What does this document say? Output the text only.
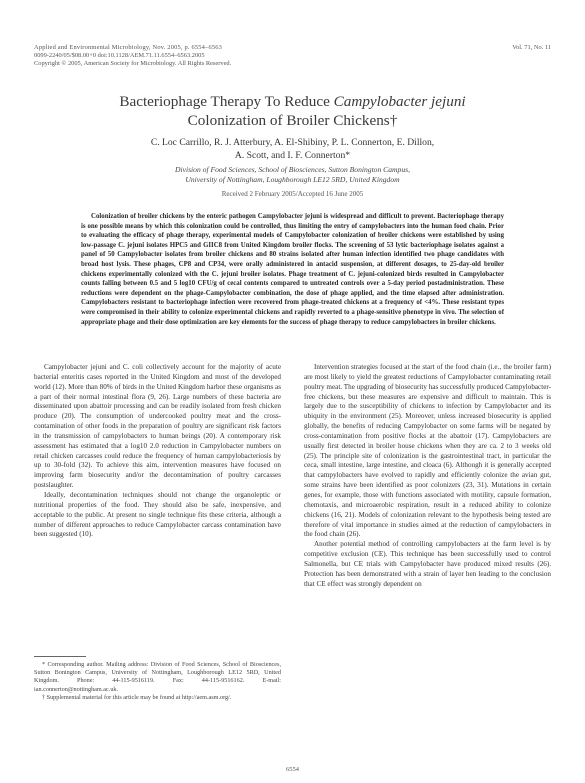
Applied and Environmental Microbiology, Nov. 2005, p. 6554–6563
0099-2240/05/$08.00+0 doi:10.1128/AEM.71.11.6554–6563.2005
Copyright © 2005, American Society for Microbiology. All Rights Reserved.
Vol. 71, No. 11
Bacteriophage Therapy To Reduce Campylobacter jejuni
Colonization of Broiler Chickens†
C. Loc Carrillo, R. J. Atterbury, A. El-Shibiny, P. L. Connerton, E. Dillon,
A. Scott, and I. F. Connerton*
Division of Food Sciences, School of Biosciences, Sutton Bonington Campus,
University of Nottingham, Loughborough LE12 5RD, United Kingdom
Received 2 February 2005/Accepted 16 June 2005
Colonization of broiler chickens by the enteric pathogen Campylobacter jejuni is widespread and difficult to prevent. Bacteriophage therapy is one possible means by which this colonization could be controlled, thus limiting the entry of campylobacters into the human food chain. Prior to evaluating the efficacy of phage therapy, experimental models of Campylobacter colonization of broiler chickens were established by using low-passage C. jejuni isolates HPC5 and GIIC8 from United Kingdom broiler flocks. The screening of 53 lytic bacteriophage isolates against a panel of 50 Campylobacter isolates from broiler chickens and 80 strains isolated after human infection identified two phage candidates with broad host lysis. These phages, CP8 and CP34, were orally administered in antacid suspension, at different dosages, to 25-day-old broiler chickens experimentally colonized with the C. jejuni broiler isolates. Phage treatment of C. jejuni-colonized birds resulted in Campylobacter counts falling between 0.5 and 5 log10 CFU/g of cecal contents compared to untreated controls over a 5-day period postadministration. These reductions were dependent on the phage-Campylobacter combination, the dose of phage applied, and the time elapsed after administration. Campylobacters resistant to bacteriophage infection were recovered from phage-treated chickens at a frequency of <4%. These resistant types were compromised in their ability to colonize experimental chickens and rapidly reverted to a phage-sensitive phenotype in vivo. The selection of appropriate phage and their dose optimization are key elements for the success of phage therapy to reduce campylobacters in broiler chickens.

Campylobacter jejuni and C. coli collectively account for the majority of acute bacterial enteritis cases reported in the United Kingdom and most of the developed world (12). More than 80% of birds in the United Kingdom harbor these organisms as a part of their normal intestinal flora (9, 26). Large numbers of these bacteria are disseminated upon abattoir processing and can be readily isolated from fresh chicken produce (20). The consumption of undercooked poultry meat and the cross-contamination of other foods in the preparation of poultry are significant risk factors in the transmission of campylobacters to human beings (20). A contemporary risk assessment has estimated that a log10 2.0 reduction in Campylobacter numbers on retail chicken carcasses could reduce the frequency of human campylobacteriosis by up to 30-fold (32). To achieve this aim, intervention measures have focused on improving farm biosecurity and/or the decontamination of poultry carcasses postslaughter.

Ideally, decontamination techniques should not change the organoleptic or nutritional properties of the food. They should also be safe, inexpensive, and acceptable to the public. At present no single technique fits these criteria, although a number of different approaches to reduce Campylobacter carcass contamination have been suggested (10).

Intervention strategies focused at the start of the food chain (i.e., the broiler farm) are most likely to yield the greatest reductions of Campylobacter contaminating retail poultry meat. The upgrading of biosecurity has successfully produced Campylobacter-free chickens, but these measures are expensive and difficult to maintain. This is largely due to the susceptibility of chickens to infection by Campylobacter and its ubiquity in the environment (25). Moreover, unless increased biosecurity is applied globally, the benefits of reducing Campylobacter on some farms will be negated by cross-contamination from positive flocks at the abattoir (17). Campylobacters are usually first detected in broiler house chickens when they are ca. 2 to 3 weeks old (25). The principle site of colonization is the gastrointestinal tract, in particular the ceca, small intestine, large intestine, and cloaca (6). Although it is generally accepted that campylobacters have evolved to rapidly and efficiently colonize the avian gut, some strains have been identified as poor colonizers (23, 31). Mutations in certain genes, for example, those with functions associated with motility, capsule formation, chemotaxis, and microaerobic respiration, result in a reduced ability to colonize chickens (16, 21). Models of colonization relevant to the hypothesis being tested are therefore of vital importance in studies aimed at the reduction of campylobacters in the food chain (26).

Another potential method of controlling campylobacters at the farm level is by competitive exclusion (CE). This technique has been successfully used to control Salmonella, but CE trials with Campylobacter have produced mixed results (26). Protection has been demonstrated with a strain of layer hen leading to the conclusion that CE effect was strongly dependent on

* Corresponding author. Mailing address: Division of Food Sciences, School of Biosciences, Sutton Bonington Campus, University of Nottingham, Loughborough LE12 5RD, United Kingdom. Phone: 44-115-9516119. Fax: 44-115-9516162. E-mail: ian.connerton@nottingham.ac.uk.

† Supplemental material for this article may be found at http://aem.asm.org/.

6554
